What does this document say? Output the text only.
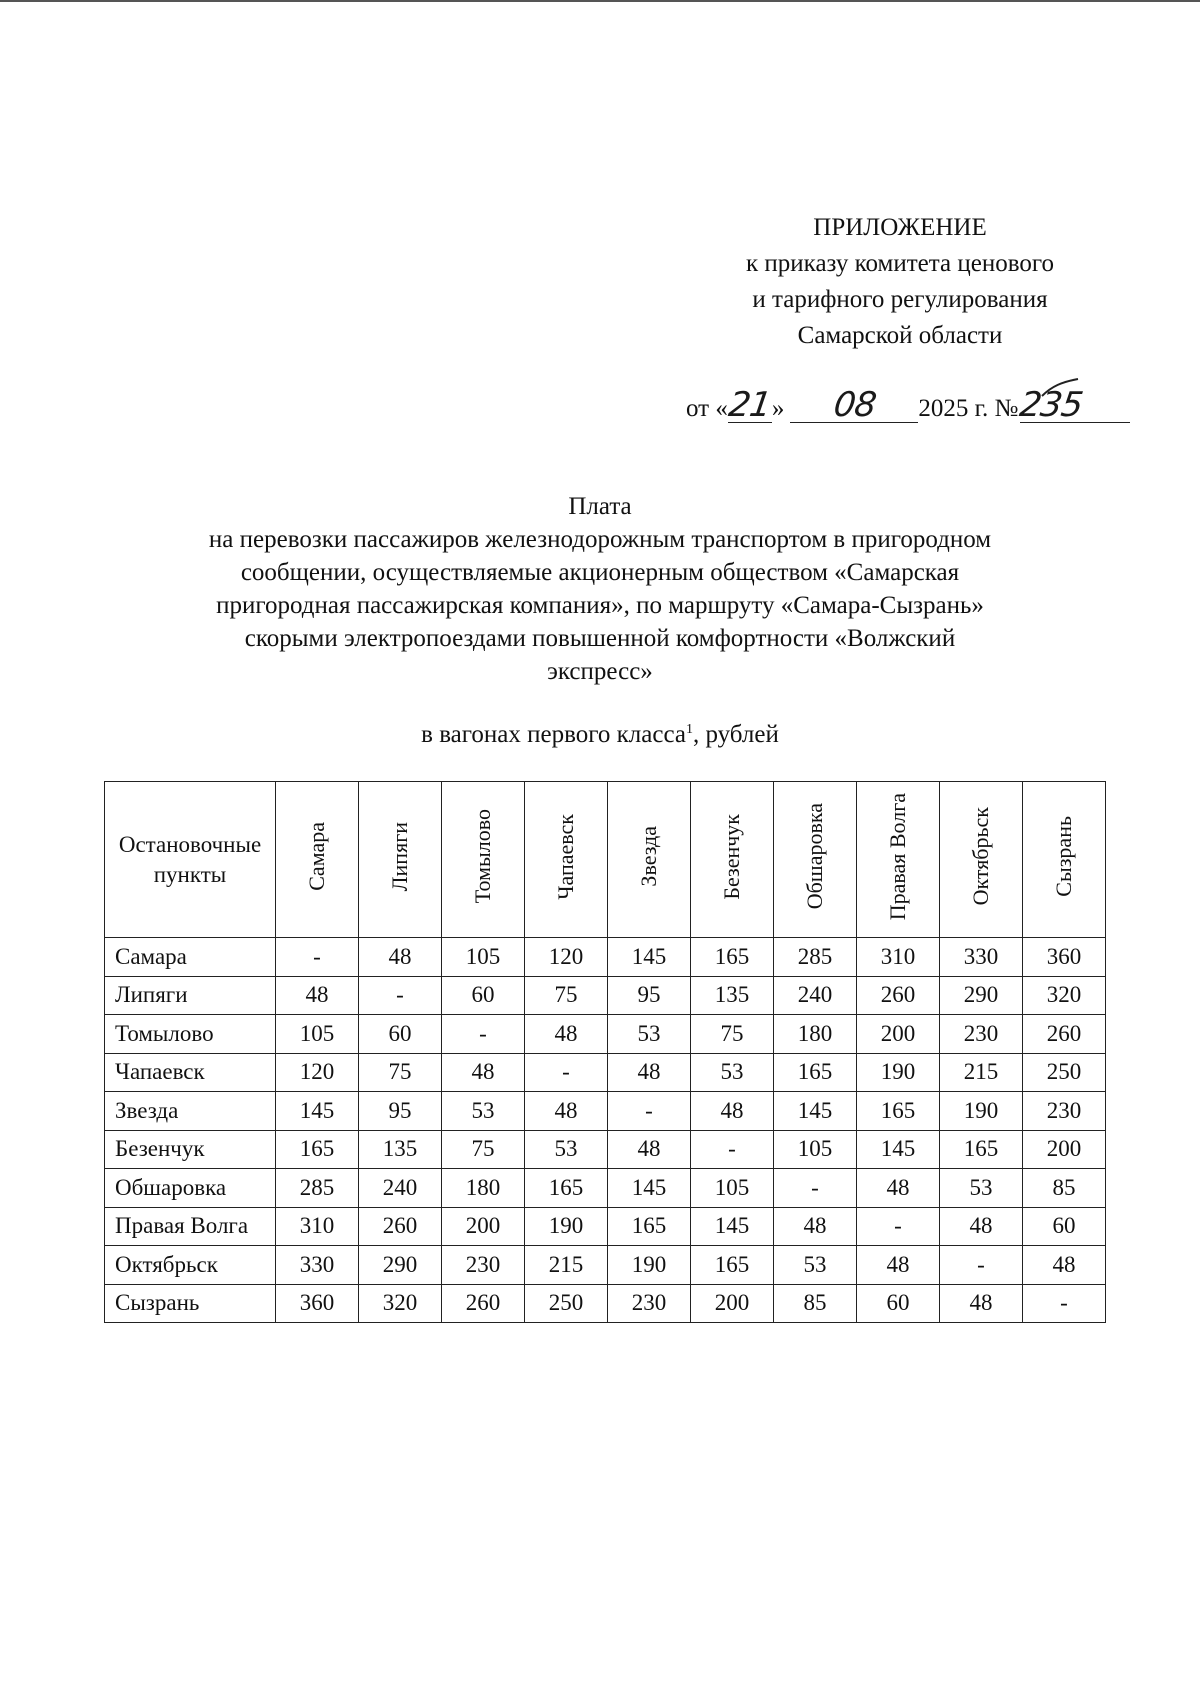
ПРИЛОЖЕНИЕ
к приказу комитета ценового
и тарифного регулирования
Самарской области
от «21» 08 2025 г. №235
Плата
на перевозки пассажиров железнодорожным транспортом в пригородном
сообщении, осуществляемые акционерным обществом «Самарская
пригородная пассажирская компания», по маршруту «Самара-Сызрань»
скорыми электропоездами повышенной комфортности «Волжский
экспресс»
в вагонах первого класса$^1$, рублей
Остановочные пункты	Самара	Липяги	Томылово	Чапаевск	Звезда	Безенчук	Обшаровка	Правая Волга	Октябрьск	Сызрань
Самара	-	48	105	120	145	165	285	310	330	360
Липяги	48	-	60	75	95	135	240	260	290	320
Томылово	105	60	-	48	53	75	180	200	230	260
Чапаевск	120	75	48	-	48	53	165	190	215	250
Звезда	145	95	53	48	-	48	145	165	190	230
Безенчук	165	135	75	53	48	-	105	145	165	200
Обшаровка	285	240	180	165	145	105	-	48	53	85
Правая Волга	310	260	200	190	165	145	48	-	48	60
Октябрьск	330	290	230	215	190	165	53	48	-	48
Сызрань	360	320	260	250	230	200	85	60	48	-
